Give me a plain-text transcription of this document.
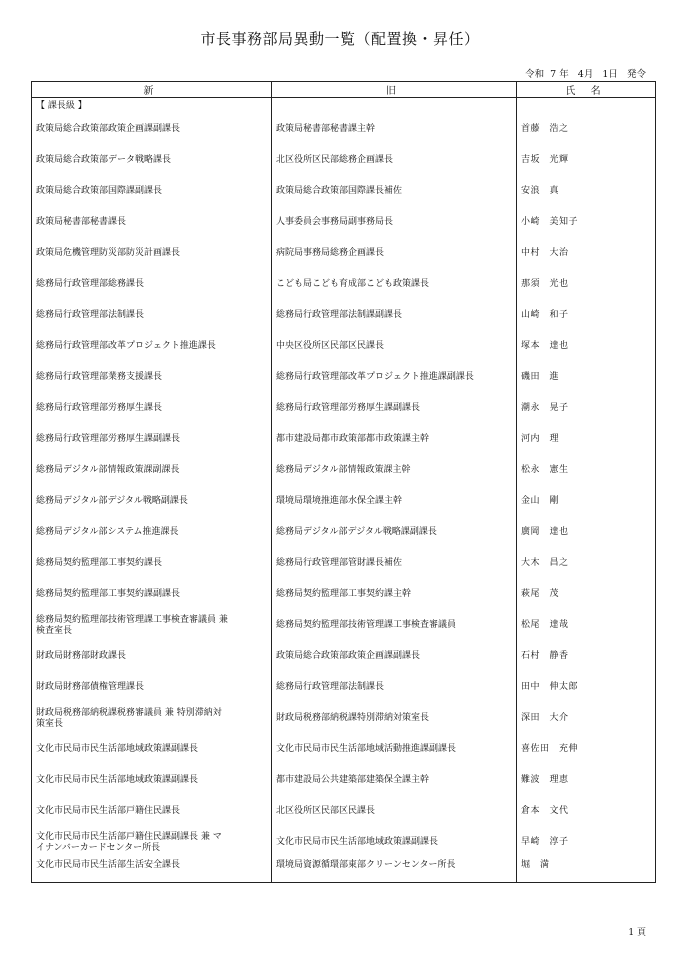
市長事務部局異動一覧（配置換・昇任）
令和  7 年   4月   1日   発令
新	旧	氏 名
【 課長級 】		
政策局総合政策部政策企画課副課長	政策局秘書部秘書課主幹	首藤　浩之
政策局総合政策部データ戦略課長	北区役所区民部総務企画課長	吉坂　光輝
政策局総合政策部国際課副課長	政策局総合政策部国際課長補佐	安浪　真
政策局秘書部秘書課長	人事委員会事務局副事務局長	小崎　美知子
政策局危機管理防災部防災計画課長	病院局事務局総務企画課長	中村　大治
総務局行政管理部総務課長	こども局こども育成部こども政策課長	那須　光也
総務局行政管理部法制課長	総務局行政管理部法制課副課長	山崎　和子
総務局行政管理部改革プロジェクト推進課長	中央区役所区民部区民課長	塚本　達也
総務局行政管理部業務支援課長	総務局行政管理部改革プロジェクト推進課副課長	磯田　進
総務局行政管理部労務厚生課長	総務局行政管理部労務厚生課副課長	潮永　晃子
総務局行政管理部労務厚生課副課長	都市建設局都市政策部都市政策課主幹	河内　理
総務局デジタル部情報政策課副課長	総務局デジタル部情報政策課主幹	松永　憲生
総務局デジタル部デジタル戦略副課長	環境局環境推進部水保全課主幹	金山　剛
総務局デジタル部システム推進課長	総務局デジタル部デジタル戦略課副課長	廣岡　達也
総務局契約監理部工事契約課長	総務局行政管理部管財課長補佐	大木　昌之
総務局契約監理部工事契約課副課長	総務局契約監理部工事契約課主幹	萩尾　茂
総務局契約監理部技術管理課工事検査審議員 兼
検査室長	総務局契約監理部技術管理課工事検査審議員	松尾　達哉
財政局財務部財政課長	政策局総合政策部政策企画課副課長	石村　静香
財政局財務部債権管理課長	総務局行政管理部法制課長	田中　伸太郎
財政局税務部納税課税務審議員 兼 特別滞納対
策室長	財政局税務部納税課特別滞納対策室長	深田　大介
文化市民局市民生活部地域政策課副課長	文化市民局市民生活部地域活動推進課副課長	喜佐田　充伸
文化市民局市民生活部地域政策課副課長	都市建設局公共建築部建築保全課主幹	難波　理恵
文化市民局市民生活部戸籍住民課長	北区役所区民部区民課長	倉本　文代
文化市民局市民生活部戸籍住民課副課長 兼 マ
イナンバーカードセンター所長	文化市民局市民生活部地域政策課副課長	早崎　淳子
文化市民局市民生活部生活安全課長	環境局資源循環部東部クリーンセンター所長	堀　満
1 頁
